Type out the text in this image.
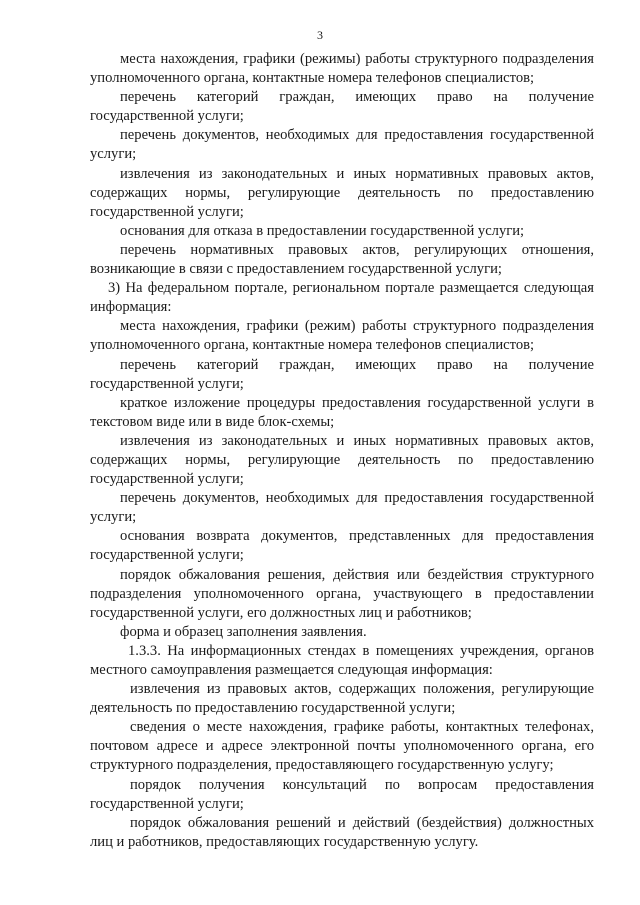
3

места нахождения, графики (режимы) работы структурного подразделения уполномоченного органа, контактные номера телефонов специалистов;

перечень категорий граждан, имеющих право на получение государственной услуги;

перечень документов, необходимых для предоставления государственной услуги;

извлечения из законодательных и иных нормативных правовых актов, содержащих нормы, регулирующие деятельность по предоставлению государственной услуги;

основания для отказа в предоставлении государственной услуги;

перечень нормативных правовых актов, регулирующих отношения, возникающие в связи с предоставлением государственной услуги;

3) На федеральном портале, региональном портале размещается следующая информация:

места нахождения, графики (режим) работы структурного подразделения уполномоченного органа, контактные номера телефонов специалистов;

перечень категорий граждан, имеющих право на получение государственной услуги;

краткое изложение процедуры предоставления государственной услуги в текстовом виде или в виде блок-схемы;

извлечения из законодательных и иных нормативных правовых актов, содержащих нормы, регулирующие деятельность по предоставлению государственной услуги;

перечень документов, необходимых для предоставления государственной услуги;

основания возврата документов, представленных для предоставления государственной услуги;

порядок обжалования решения, действия или бездействия структурного подразделения уполномоченного органа, участвующего в предоставлении государственной услуги, его должностных лиц и работников;

форма и образец заполнения заявления.

1.3.3. На информационных стендах в помещениях учреждения, органов местного самоуправления размещается следующая информация:

извлечения из правовых актов, содержащих положения, регулирующие деятельность по предоставлению государственной услуги;

сведения о месте нахождения, графике работы, контактных телефонах, почтовом адресе и адресе электронной почты уполномоченного органа, его структурного подразделения, предоставляющего государственную услугу;

порядок получения консультаций по вопросам предоставления государственной услуги;

порядок обжалования решений и действий (бездействия) должностных лиц и работников, предоставляющих государственную услугу.
